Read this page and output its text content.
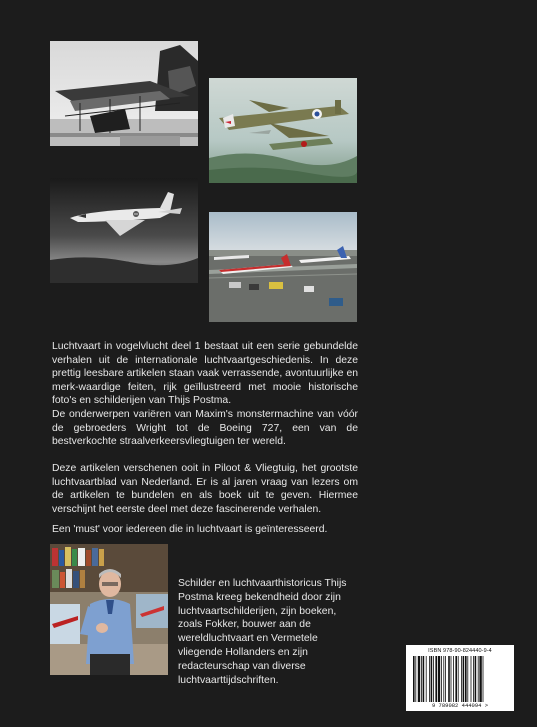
Luchtvaart in vogelvlucht deel 1 bestaat uit een serie gebundelde verhalen uit de internationale luchtvaartgeschiedenis. In deze prettig leesbare artikelen staan vaak verrassende, avontuurlijke en merk-waardige feiten, rijk geïllustreerd met mooie historische foto's en schilderijen van Thijs Postma.

De onderwerpen variëren van Maxim's monstermachine van vóór de gebroeders Wright tot de Boeing 727, een van de bestverkochte straalverkeersvliegtuigen ter wereld.

Deze artikelen verschenen ooit in Piloot & Vliegtuig, het grootste luchtvaartblad van Nederland. Er is al jaren vraag van lezers om de artikelen te bundelen en als boek uit te geven. Hiermee verschijnt het eerste deel met deze fascinerende verhalen.

Een 'must' voor iedereen die in luchtvaart is geïnteresseerd.

Schilder en luchtvaarthistoricus Thijs Postma kreeg bekendheid door zijn luchtvaartschilderijen, zijn boeken, zoals Fokker, bouwer aan de wereldluchtvaart en Vermetele vliegende Hollanders en zijn redacteurschap van diverse luchtvaarttijdschriften.

ISBN 978-90-824440-9-4
9 789082 444094 >
